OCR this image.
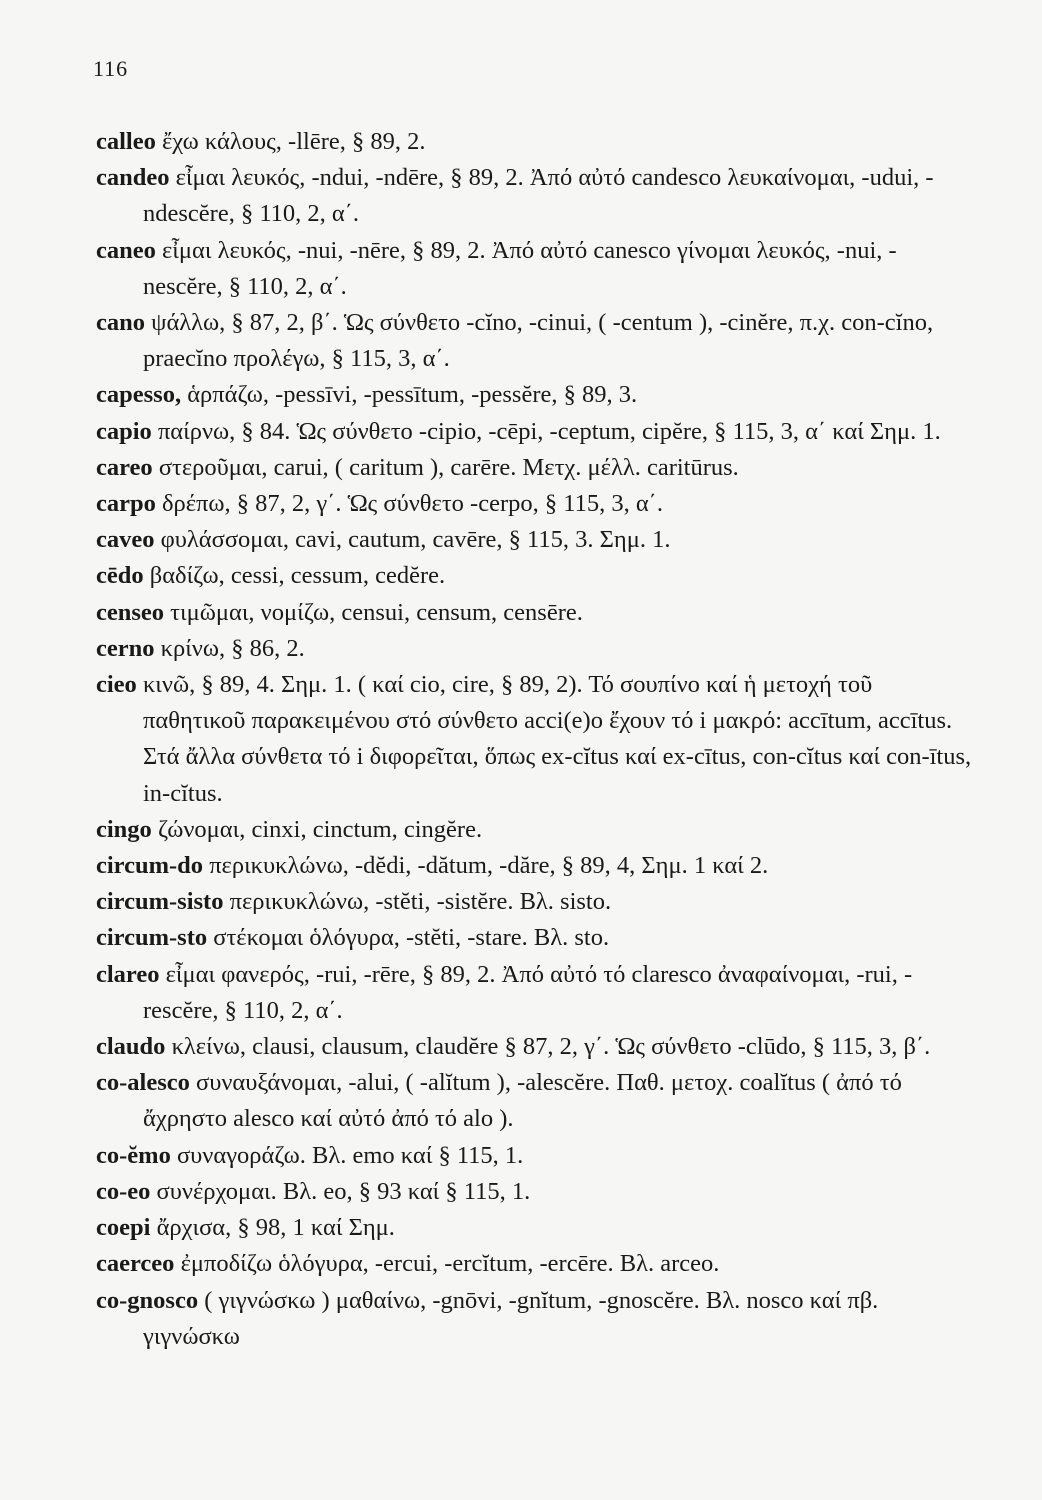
116
calleo ἔχω κάλους, -llēre, § 89, 2.
candeo εἶμαι λευκός, -ndui, -ndēre, § 89, 2. Ἀπό αὐτό candesco λευκαίνομαι, -udui, -ndescĕre, § 110, 2, α΄.
caneo εἶμαι λευκός, -nui, -nēre, § 89, 2. Ἀπό αὐτό canesco γίνομαι λευκός, -nui, -nescĕre, § 110, 2, α΄.
cano ψάλλω, § 87, 2, β΄. Ὡς σύνθετο -cĭno, -cinui, ( -centum ), -cinĕre, π.χ. con-cĭno, praecĭno προλέγω, § 115, 3, α΄.
capesso, ἁρπάζω, -pessīvi, -pessītum, -pessĕre, § 89, 3.
capio παίρνω, § 84. Ὡς σύνθετο -cipio, -cēpi, -ceptum, cipĕre, § 115, 3, α΄ καί Σημ. 1.
careo στεροῦμαι, carui, ( caritum ), carēre. Μετχ. μέλλ. caritūrus.
carpo δρέπω, § 87, 2, γ΄. Ὡς σύνθετο -cerpo, § 115, 3, α΄.
caveo φυλάσσομαι, cavi, cautum, cavēre, § 115, 3. Σημ. 1.
cēdo βαδίζω, cessi, cessum, cedĕre.
censeo τιμῶμαι, νομίζω, censui, censum, censēre.
cerno κρίνω, § 86, 2.
cieo κινῶ, § 89, 4. Σημ. 1. ( καί cio, cire, § 89, 2). Τό σουπίνο καί ἡ μετοχή τοῦ παθητικοῦ παρακειμένου στό σύνθετο acci(e)o ἔχουν τό i μακρό: accītum, accītus. Στά ἄλλα σύνθετα τό i διφορεῖται, ὅπως ex-cĭtus καί ex-cītus, con-cĭtus καί con-ītus, in-cĭtus.
cingo ζώνομαι, cinxi, cinctum, cingĕre.
circum-do περικυκλώνω, -dĕdi, -dătum, -dăre, § 89, 4, Σημ. 1 καί 2.
circum-sisto περικυκλώνω, -stĕti, -sistĕre. Βλ. sisto.
circum-sto στέκομαι ὁλόγυρα, -stĕti, -stare. Βλ. sto.
clareo εἶμαι φανερός, -rui, -rēre, § 89, 2. Ἀπό αὐτό τό claresco ἀναφαίνομαι, -rui, -rescĕre, § 110, 2, α΄.
claudo κλείνω, clausi, clausum, claudĕre § 87, 2, γ΄. Ὡς σύνθετο -clūdo, § 115, 3, β΄.
co-alesco συναυξάνομαι, -alui, ( -alĭtum ), -alescĕre. Παθ. μετοχ. coalĭtus ( ἀπό τό ἄχρηστο alesco καί αὐτό ἀπό τό alo ).
co-ĕmo συναγοράζω. Βλ. emo καί § 115, 1.
co-eo συνέρχομαι. Βλ. eo, § 93 καί § 115, 1.
coepi ἄρχισα, § 98, 1 καί Σημ.
caerceo ἐμποδίζω ὁλόγυρα, -ercui, -ercĭtum, -ercēre. Βλ. arceo.
co-gnosco ( γιγνώσκω ) μαθαίνω, -gnōvi, -gnĭtum, -gnoscĕre. Βλ. nosco καί πβ. γιγνώσκω
